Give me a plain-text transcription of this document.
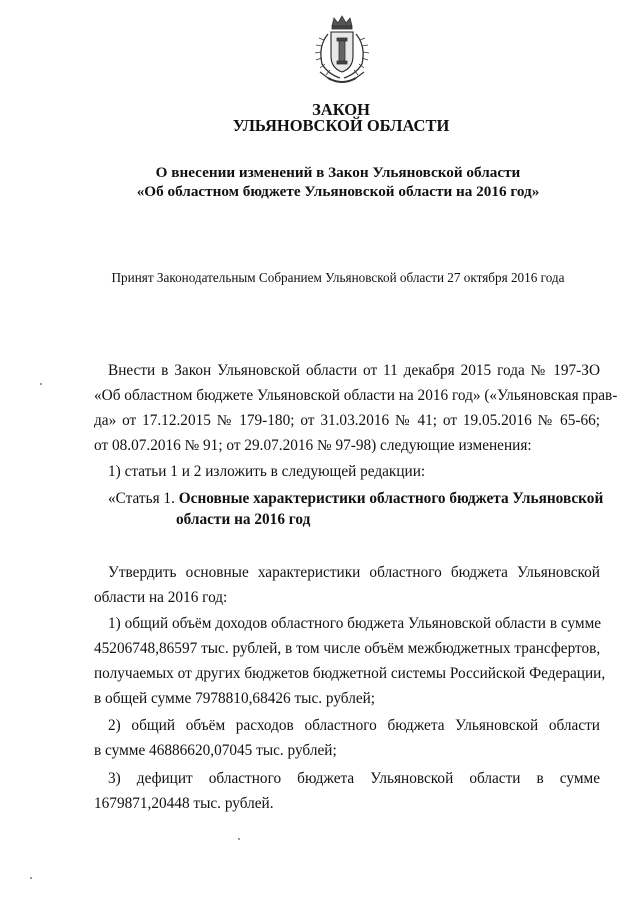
ЗАКОН
УЛЬЯНОВСКОЙ ОБЛАСТИ
О внесении изменений в Закон Ульяновской области
«Об областном бюджете Ульяновской области на 2016 год»
Принят Законодательным Собранием Ульяновской области 27 октября 2016 года
Внести в Закон Ульяновской области от 11 декабря 2015 года № 197-ЗО
«Об областном бюджете Ульяновской области на 2016 год» («Ульяновская прав-
да» от 17.12.2015 № 179-180; от 31.03.2016 № 41; от 19.05.2016 № 65-66;
от 08.07.2016 № 91; от 29.07.2016 № 97-98) следующие изменения:
1) статьи 1 и 2 изложить в следующей редакции:
«Статья 1. Основные характеристики областного бюджета Ульяновской
области на 2016 год
Утвердить основные характеристики областного бюджета Ульяновской
области на 2016 год:
1) общий объём доходов областного бюджета Ульяновской области в сумме
45206748,86597 тыс. рублей, в том числе объём межбюджетных трансфертов,
получаемых от других бюджетов бюджетной системы Российской Федерации,
в общей сумме 7978810,68426 тыс. рублей;
2) общий объём расходов областного бюджета Ульяновской области
в сумме 46886620,07045 тыс. рублей;
3) дефицит областного бюджета Ульяновской области в сумме
1679871,20448 тыс. рублей.
